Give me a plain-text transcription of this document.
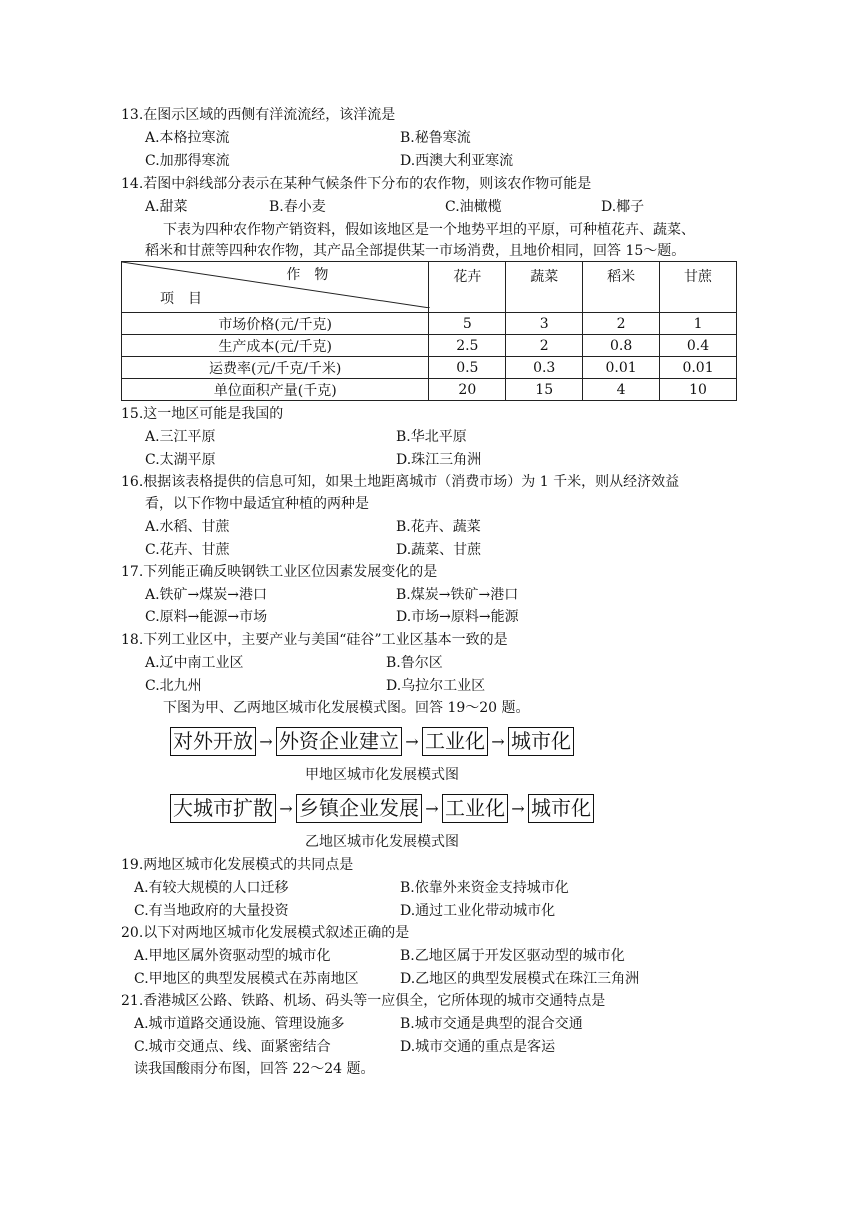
13.在图示区域的西侧有洋流流经，该洋流是
A.本格拉寒流	B.秘鲁寒流
C.加那得寒流	D.西澳大利亚寒流
14.若图中斜线部分表示在某种气候条件下分布的农作物，则该农作物可能是
A.甜菜	B.春小麦	C.油橄榄	D.椰子
下表为四种农作物产销资料，假如该地区是一个地势平坦的平原，可种植花卉、蔬菜、
稻米和甘蔗等四种农作物，其产品全部提供某一市场消费，且地价相同，回答 15～题。
作　物
项　目	花卉	蔬菜	稻米	甘蔗
市场价格(元/千克)	5	3	2	1
生产成本(元/千克)	2.5	2	0.8	0.4
运费率(元/千克/千米)	0.5	0.3	0.01	0.01
单位面积产量(千克)	20	15	4	10
15.这一地区可能是我国的
A.三江平原	B.华北平原
C.太湖平原	D.珠江三角洲
16.根据该表格提供的信息可知，如果土地距离城市（消费市场）为 1 千米，则从经济效益
看，以下作物中最适宜种植的两种是
A.水稻、甘蔗	B.花卉、蔬菜
C.花卉、甘蔗	D.蔬菜、甘蔗
17.下列能正确反映钢铁工业区位因素发展变化的是
A.铁矿→煤炭→港口	B.煤炭→铁矿→港口
C.原料→能源→市场	D.市场→原料→能源
18.下列工业区中，主要产业与美国“硅谷”工业区基本一致的是
A.辽中南工业区	B.鲁尔区
C.北九州	D.乌拉尔工业区
下图为甲、乙两地区城市化发展模式图。回答 19～20 题。
对外开放 → 外资企业建立 → 工业化 → 城市化
甲地区城市化发展模式图
大城市扩散 → 乡镇企业发展 → 工业化 → 城市化
乙地区城市化发展模式图
19.两地区城市化发展模式的共同点是
A.有较大规模的人口迁移	B.依靠外来资金支持城市化
C.有当地政府的大量投资	D.通过工业化带动城市化
20.以下对两地区城市化发展模式叙述正确的是
A.甲地区属外资驱动型的城市化	B.乙地区属于开发区驱动型的城市化
C.甲地区的典型发展模式在苏南地区	D.乙地区的典型发展模式在珠江三角洲
21.香港城区公路、铁路、机场、码头等一应俱全，它所体现的城市交通特点是
A.城市道路交通设施、管理设施多	B.城市交通是典型的混合交通
C.城市交通点、线、面紧密结合	D.城市交通的重点是客运
读我国酸雨分布图，回答 22～24 题。
